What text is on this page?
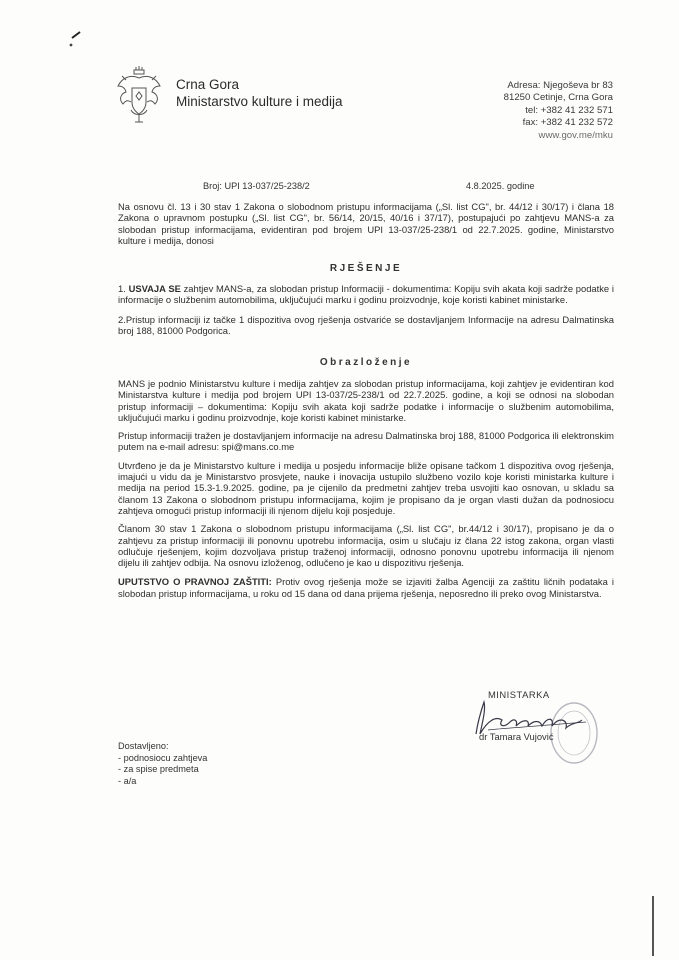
Crna Gora
Ministarstvo kulture i medija
Adresa: Njegoševa br 83
81250 Cetinje, Crna Gora
tel: +382 41 232 571
fax: +382 41 232 572
www.gov.me/mku
Broj: UPI 13-037/25-238/2	4.8.2025. godine

Na osnovu čl. 13 i 30 stav 1 Zakona o slobodnom pristupu informacijama („Sl. list CG", br. 44/12 i 30/17) i člana 18 Zakona o upravnom postupku („Sl. list CG", br. 56/14, 20/15, 40/16 i 37/17), postupajući po zahtjevu MANS-a za slobodan pristup informacijama, evidentiran pod brojem UPI 13-037/25-238/1 od 22.7.2025. godine, Ministarstvo kulture i medija, donosi

RJEŠENJE

1. USVAJA SE zahtjev MANS-a, za slobodan pristup Informaciji - dokumentima: Kopiju svih akata koji sadrže podatke i informacije o službenim automobilima, uključujući marku i godinu proizvodnje, koje koristi kabinet ministarke.

2.Pristup informaciji iz tačke 1 dispozitiva ovog rješenja ostvariće se dostavljanjem Informacije na adresu Dalmatinska broj 188, 81000 Podgorica.

Obrazloženje

MANS je podnio Ministarstvu kulture i medija zahtjev za slobodan pristup informacijama, koji zahtjev je evidentiran kod Ministarstva kulture i medija pod brojem UPI 13-037/25-238/1 od 22.7.2025. godine, a koji se odnosi na slobodan pristup informaciji – dokumentima: Kopiju svih akata koji sadrže podatke i informacije o službenim automobilima, uključujući marku i godinu proizvodnje, koje koristi kabinet ministarke.

Pristup informaciji tražen je dostavljanjem informacije na adresu Dalmatinska broj 188, 81000 Podgorica ili elektronskim putem na e-mail adresu: spi@mans.co.me

Utvrđeno je da je Ministarstvo kulture i medija u posjedu informacije bliže opisane tačkom 1 dispozitiva ovog rješenja, imajući u vidu da je Ministarstvo prosvjete, nauke i inovacija ustupilo službeno vozilo koje koristi ministarka kulture i medija na period 15.3-1.9.2025. godine, pa je cijenilo da predmetni zahtjev treba usvojiti kao osnovan, u skladu sa članom 13 Zakona o slobodnom pristupu informacijama, kojim je propisano da je organ vlasti dužan da podnosiocu zahtjeva omogući pristup informaciji ili njenom dijelu koji posjeduje.

Članom 30 stav 1 Zakona o slobodnom pristupu informacijama („Sl. list CG", br.44/12 i 30/17), propisano je da o zahtjevu za pristup informaciji ili ponovnu upotrebu informacija, osim u slučaju iz člana 22 istog zakona, organ vlasti odlučuje rješenjem, kojim dozvoljava pristup traženoj informaciji, odnosno ponovnu upotrebu informacija ili njenom dijelu ili zahtjev odbija. Na osnovu izloženog, odlučeno je kao u dispozitivu rješenja.

UPUTSTVO O PRAVNOJ ZAŠTITI: Protiv ovog rješenja može se izjaviti žalba Agenciji za zaštitu ličnih podataka i slobodan pristup informacijama, u roku od 15 dana od dana prijema rješenja, neposredno ili preko ovog Ministarstva.

MINISTARKA
dr Tamara Vujović
Dostavljeno:
- podnosiocu zahtjeva
- za spise predmeta
- a/a
